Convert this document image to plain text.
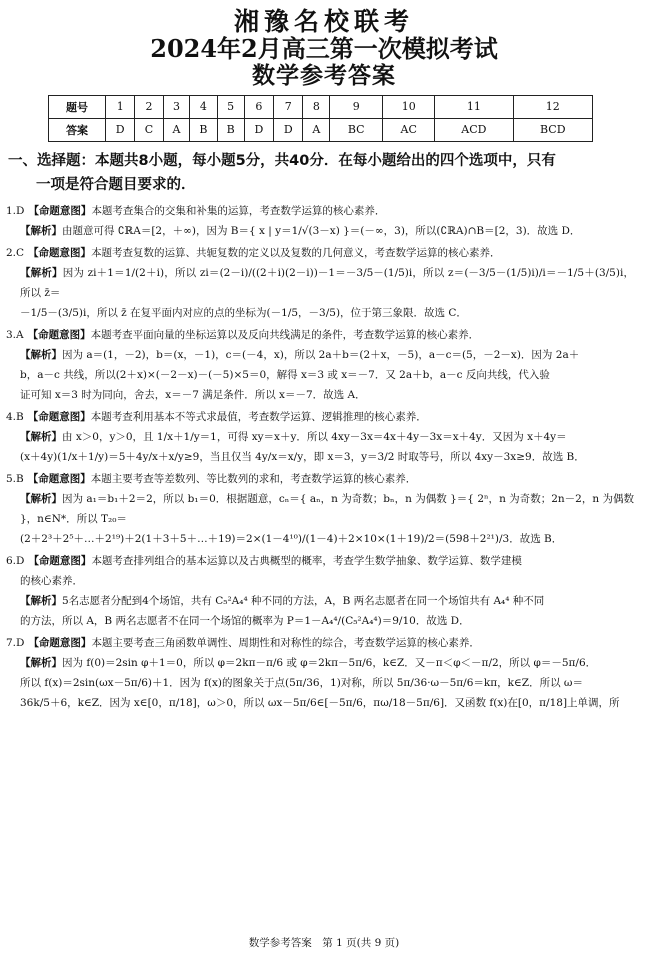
湘豫名校联考
2024年2月高三第一次模拟考试
数学参考答案
题号	1	2	3	4	5	6	7	8	9	10	11	12
答案	D	C	A	B	B	D	D	A	BC	AC	ACD	BCD
一、选择题：本题共8小题，每小题5分，共40分．在每小题给出的四个选项中，只有
一项是符合题目要求的．
1.D 【命题意图】本题考查集合的交集和补集的运算，考查数学运算的核心素养．
【解析】由题意可得 ∁ℝA＝[2，＋∞)，因为 B＝{ x | y＝1/√(3－x) }＝(－∞，3)，所以(∁ℝA)∩B＝[2，3)．故选 D．
2.C 【命题意图】本题考查复数的运算、共轭复数的定义以及复数的几何意义，考查数学运算的核心素养．
【解析】因为 zi＋1＝1/(2＋i)，所以 zi＝(2－i)/((2＋i)(2－i))－1＝－3/5－(1/5)i，所以 z＝(－3/5－(1/5)i)/i＝－1/5＋(3/5)i，所以 z̄＝
－1/5－(3/5)i，所以 z̄ 在复平面内对应的点的坐标为(－1/5，－3/5)，位于第三象限．故选 C．
3.A 【命题意图】本题考查平面向量的坐标运算以及反向共线满足的条件，考查数学运算的核心素养．
【解析】因为 a＝(1，－2)，b＝(x，－1)，c＝(－4，x)，所以 2a＋b＝(2＋x，－5)，a－c＝(5，－2－x)．因为 2a＋
b，a－c 共线，所以(2＋x)×(－2－x)－(－5)×5＝0，解得 x＝3 或 x＝－7．又 2a＋b，a－c 反向共线，代入验
证可知 x＝3 时为同向，舍去，x＝－7 满足条件．所以 x＝－7．故选 A．
4.B 【命题意图】本题考查利用基本不等式求最值，考查数学运算、逻辑推理的核心素养．
【解析】由 x＞0，y＞0，且 1/x＋1/y＝1，可得 xy＝x＋y．所以 4xy－3x＝4x＋4y－3x＝x＋4y．又因为 x＋4y＝
(x＋4y)(1/x＋1/y)＝5＋4y/x＋x/y≥9，当且仅当 4y/x＝x/y，即 x＝3，y＝3/2 时取等号，所以 4xy－3x≥9．故选 B．
5.B 【命题意图】本题主要考查等差数列、等比数列的求和，考查数学运算的核心素养．
【解析】因为 a₁＝b₁＋2＝2，所以 b₁＝0．根据题意，cₙ＝{ aₙ，n 为奇数；bₙ，n 为偶数 }＝{ 2ⁿ，n 为奇数；2n－2，n 为偶数 }，n∈N*．所以 T₂₀＝
(2＋2³＋2⁵＋…＋2¹⁹)＋2(1＋3＋5＋…＋19)＝2×(1－4¹⁰)/(1－4)＋2×10×(1＋19)/2＝(598＋2²¹)/3．故选 B．
6.D 【命题意图】本题考查排列组合的基本运算以及古典概型的概率，考查学生数学抽象、数学运算、数学建模
的核心素养．
【解析】5名志愿者分配到4个场馆，共有 C₅²A₄⁴ 种不同的方法，A，B 两名志愿者在同一个场馆共有 A₄⁴ 种不同
的方法，所以 A，B 两名志愿者不在同一个场馆的概率为 P＝1－A₄⁴/(C₅²A₄⁴)＝9/10．故选 D．
7.D 【命题意图】本题主要考查三角函数单调性、周期性和对称性的综合，考查数学运算的核心素养．
【解析】因为 f(0)＝2sin φ＋1＝0，所以 φ＝2kπ－π/6 或 φ＝2kπ－5π/6，k∈Z．又－π＜φ＜－π/2，所以 φ＝－5π/6．
所以 f(x)＝2sin(ωx－5π/6)＋1．因为 f(x)的图象关于点(5π/36，1)对称，所以 5π/36·ω－5π/6＝kπ，k∈Z．所以 ω＝
36k/5＋6，k∈Z．因为 x∈[0，π/18]，ω＞0，所以 ωx－5π/6∈[－5π/6，πω/18－5π/6]．又函数 f(x)在[0，π/18]上单调，所
数学参考答案　第 1 页(共 9 页)
